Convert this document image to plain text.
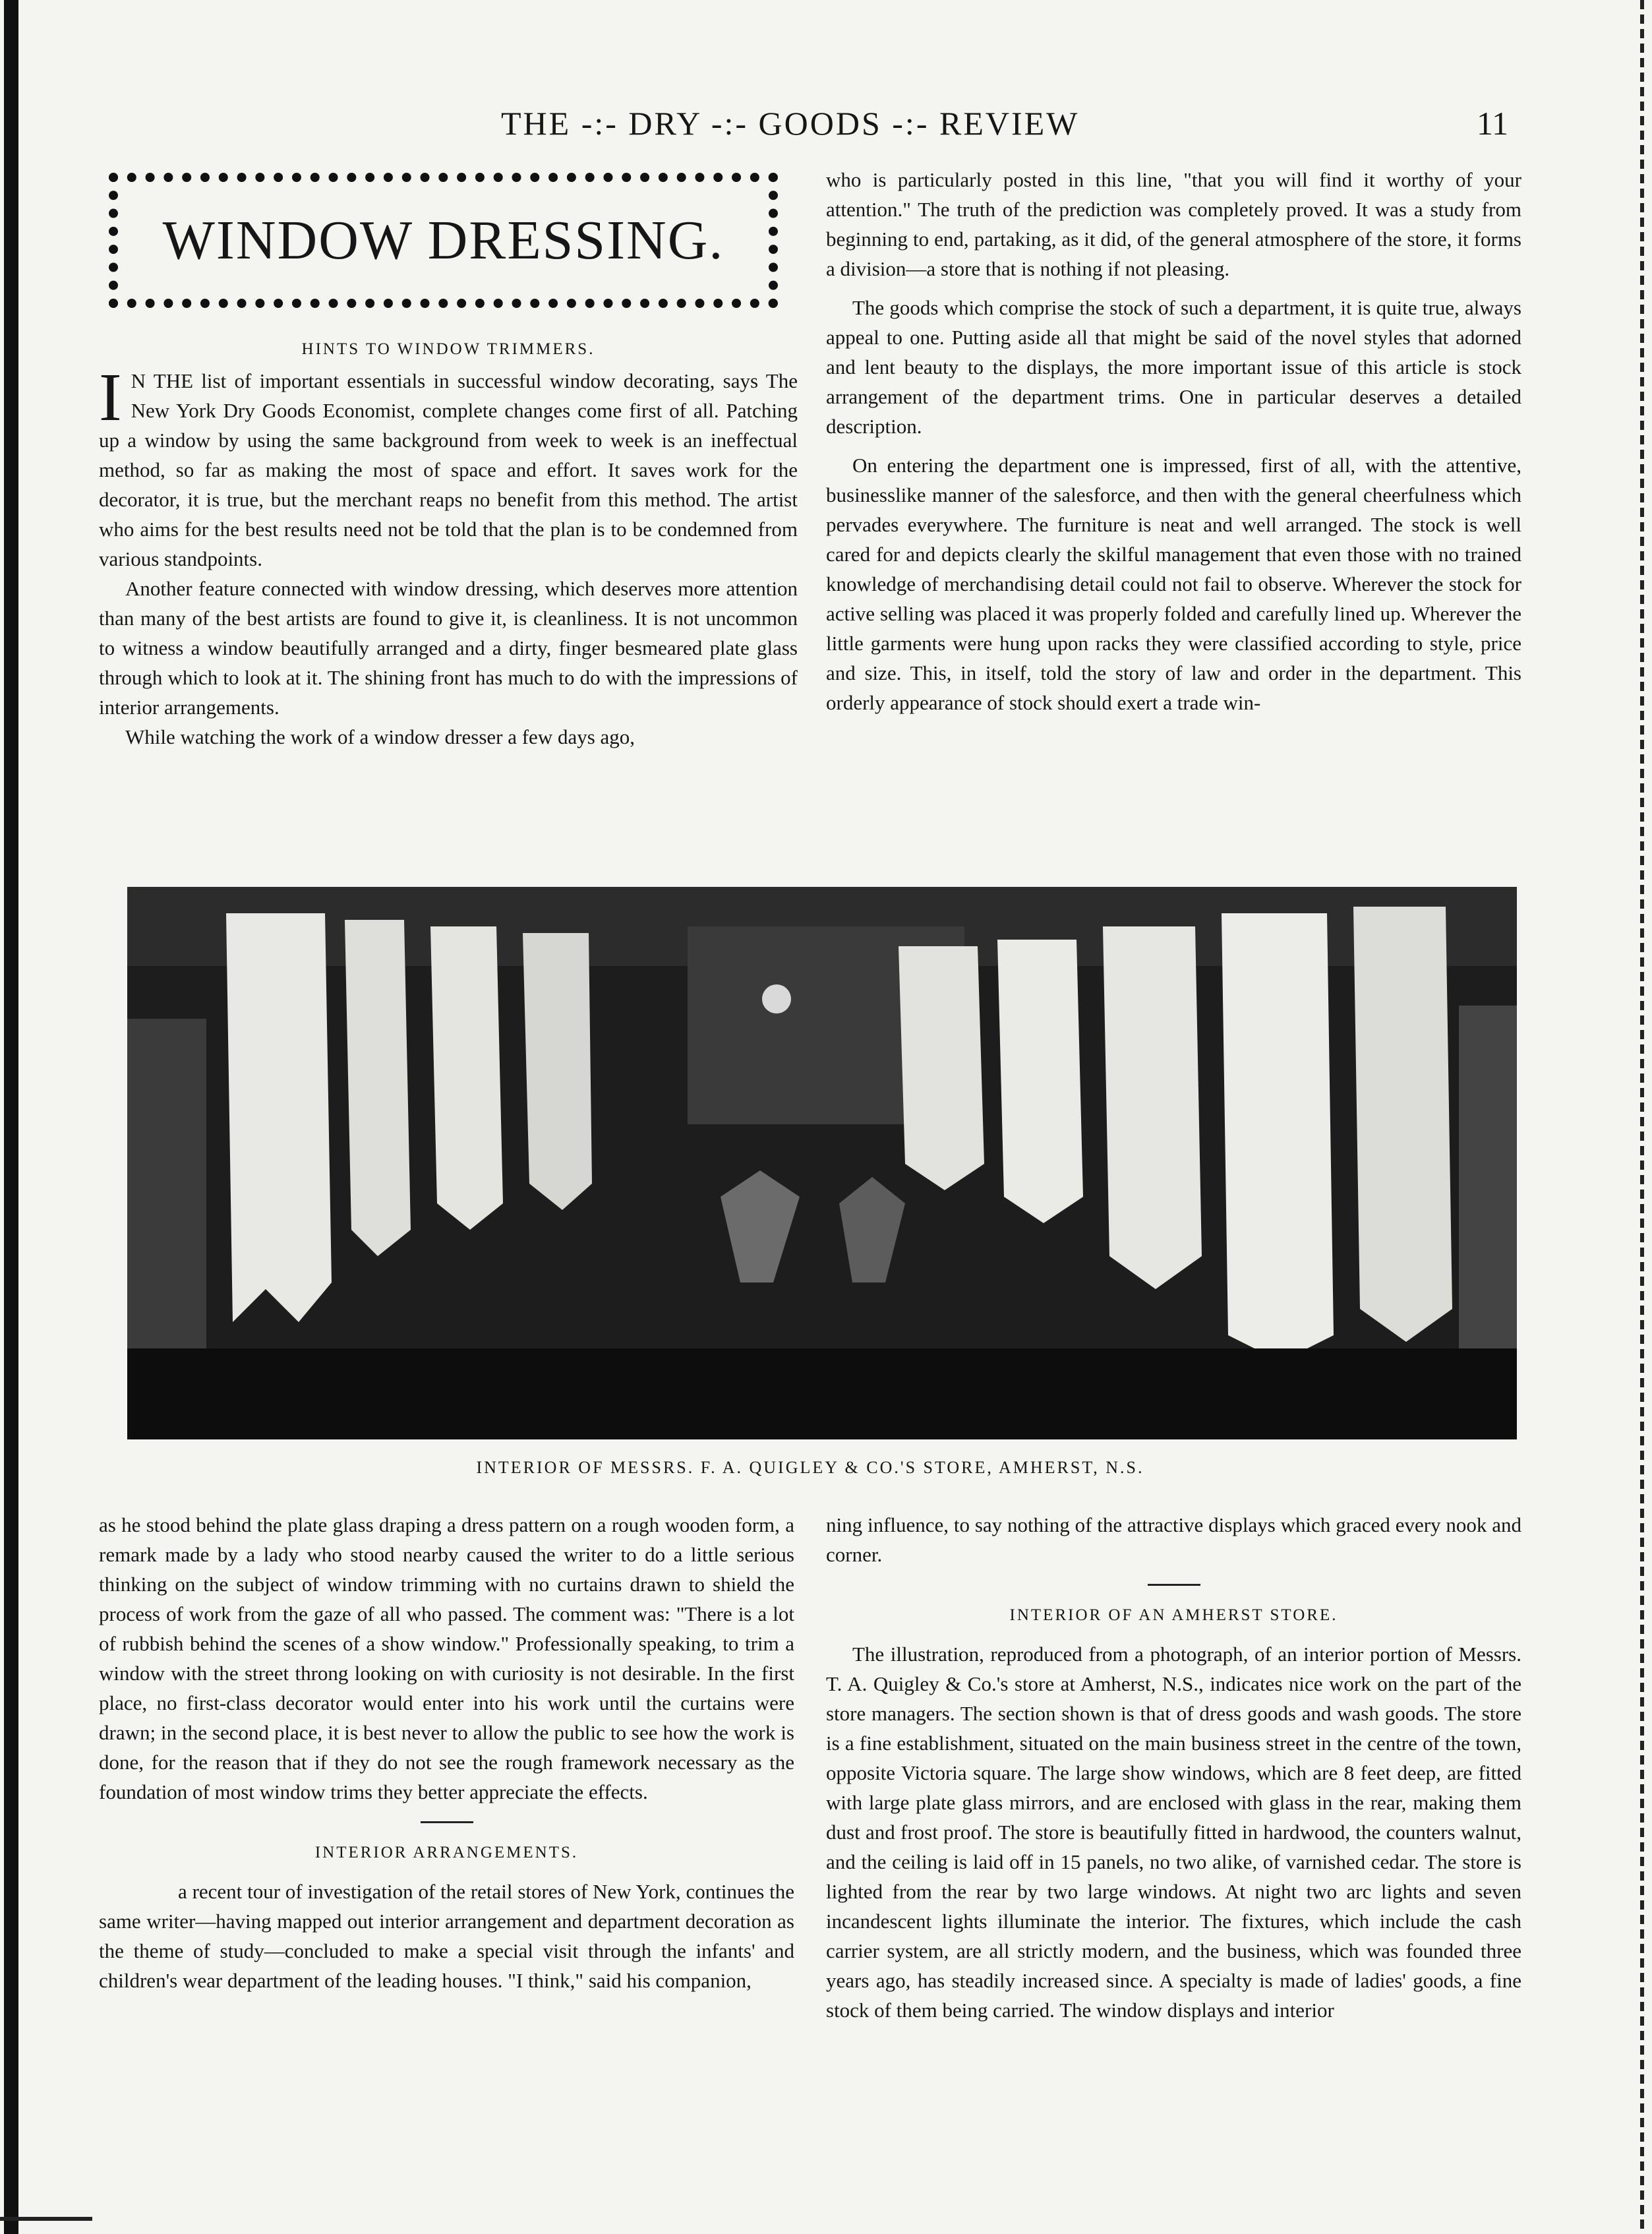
THE -:- DRY -:- GOODS -:- REVIEW	11
WINDOW DRESSING.
HINTS TO WINDOW TRIMMERS.

I N THE list of important essentials in successful window decorating, says The New York Dry Goods Economist, complete changes come first of all. Patching up a window by using the same background from week to week is an ineffectual method, so far as making the most of space and effort. It saves work for the decorator, it is true, but the merchant reaps no benefit from this method. The artist who aims for the best results need not be told that the plan is to be condemned from various standpoints.

Another feature connected with window dressing, which deserves more attention than many of the best artists are found to give it, is cleanliness. It is not uncommon to witness a window beautifully arranged and a dirty, finger besmeared plate glass through which to look at it. The shining front has much to do with the impressions of interior arrangements.

While watching the work of a window dresser a few days ago,

who is particularly posted in this line, "that you will find it worthy of your attention." The truth of the prediction was completely proved. It was a study from beginning to end, partaking, as it did, of the general atmosphere of the store, it forms a division—a store that is nothing if not pleasing.

The goods which comprise the stock of such a department, it is quite true, always appeal to one. Putting aside all that might be said of the novel styles that adorned and lent beauty to the displays, the more important issue of this article is stock arrangement of the department trims. One in particular deserves a detailed description.

On entering the department one is impressed, first of all, with the attentive, businesslike manner of the salesforce, and then with the general cheerfulness which pervades everywhere. The furniture is neat and well arranged. The stock is well cared for and depicts clearly the skilful management that even those with no trained knowledge of merchandising detail could not fail to observe. Wherever the stock for active selling was placed it was properly folded and carefully lined up. Wherever the little garments were hung upon racks they were classified according to style, price and size. This, in itself, told the story of law and order in the department. This orderly appearance of stock should exert a trade win-

INTERIOR OF MESSRS. F. A. QUIGLEY & CO.'S STORE, AMHERST, N.S.

as he stood behind the plate glass draping a dress pattern on a rough wooden form, a remark made by a lady who stood nearby caused the writer to do a little serious thinking on the subject of window trimming with no curtains drawn to shield the process of work from the gaze of all who passed. The comment was: "There is a lot of rubbish behind the scenes of a show window." Professionally speaking, to trim a window with the street throng looking on with curiosity is not desirable. In the first place, no first-class decorator would enter into his work until the curtains were drawn; in the second place, it is best never to allow the public to see how the work is done, for the reason that if they do not see the rough framework necessary as the foundation of most window trims they better appreciate the effects.

INTERIOR ARRANGEMENTS.

a recent tour of investigation of the retail stores of New York, continues the same writer—having mapped out interior arrangement and department decoration as the theme of study—concluded to make a special visit through the infants' and children's wear department of the leading houses. "I think," said his companion,

ning influence, to say nothing of the attractive displays which graced every nook and corner.

INTERIOR OF AN AMHERST STORE.

The illustration, reproduced from a photograph, of an interior portion of Messrs. T. A. Quigley & Co.'s store at Amherst, N.S., indicates nice work on the part of the store managers. The section shown is that of dress goods and wash goods. The store is a fine establishment, situated on the main business street in the centre of the town, opposite Victoria square. The large show windows, which are 8 feet deep, are fitted with large plate glass mirrors, and are enclosed with glass in the rear, making them dust and frost proof. The store is beautifully fitted in hardwood, the counters walnut, and the ceiling is laid off in 15 panels, no two alike, of varnished cedar. The store is lighted from the rear by two large windows. At night two arc lights and seven incandescent lights illuminate the interior. The fixtures, which include the cash carrier system, are all strictly modern, and the business, which was founded three years ago, has steadily increased since. A specialty is made of ladies' goods, a fine stock of them being carried. The window displays and interior
